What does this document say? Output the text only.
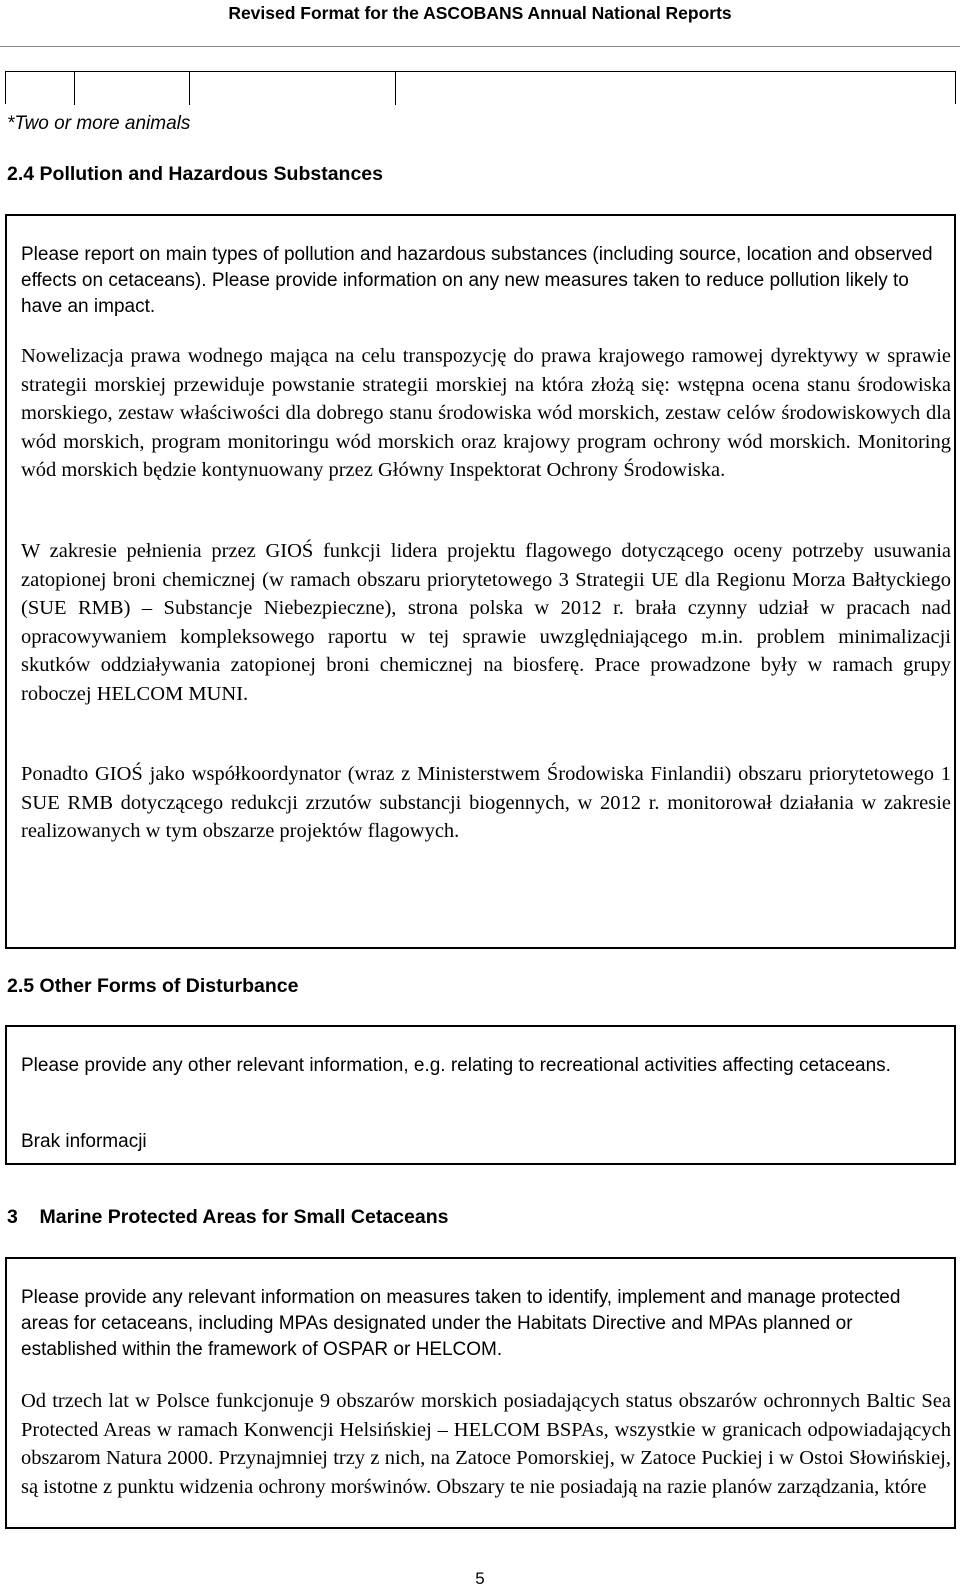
Revised Format for the ASCOBANS Annual National Reports
*Two or more animals
2.4 Pollution and Hazardous Substances
Please report on main types of pollution and hazardous substances (including source, location and observed effects on cetaceans). Please provide information on any new measures taken to reduce pollution likely to have an impact.
Nowelizacja prawa wodnego mająca na celu transpozycję do prawa krajowego ramowej dyrektywy w sprawie strategii morskiej przewiduje powstanie strategii morskiej na która złożą się: wstępna ocena stanu środowiska morskiego, zestaw właściwości dla dobrego stanu środowiska wód morskich, zestaw celów środowiskowych dla wód morskich, program monitoringu wód morskich oraz krajowy program ochrony wód morskich. Monitoring wód morskich będzie kontynuowany przez Główny Inspektorat Ochrony Środowiska.
W zakresie pełnienia przez GIOŚ funkcji lidera projektu flagowego dotyczącego oceny potrzeby usuwania zatopionej broni chemicznej (w ramach obszaru priorytetowego 3 Strategii UE dla Regionu Morza Bałtyckiego (SUE RMB) – Substancje Niebezpieczne), strona polska w 2012 r. brała czynny udział w pracach nad opracowywaniem kompleksowego raportu w tej sprawie uwzględniającego m.in. problem minimalizacji skutków oddziaływania zatopionej broni chemicznej na biosferę. Prace prowadzone były w ramach grupy roboczej HELCOM MUNI.
Ponadto GIOŚ jako współkoordynator (wraz z Ministerstwem Środowiska Finlandii) obszaru priorytetowego 1 SUE RMB dotyczącego redukcji zrzutów substancji biogennych, w 2012 r. monitorował działania w zakresie realizowanych w tym obszarze projektów flagowych.
2.5 Other Forms of Disturbance
Please provide any other relevant information, e.g. relating to recreational activities affecting cetaceans.
Brak informacji
3    Marine Protected Areas for Small Cetaceans
Please provide any relevant information on measures taken to identify, implement and manage protected areas for cetaceans, including MPAs designated under the Habitats Directive and MPAs planned or established within the framework of OSPAR or HELCOM.
Od trzech lat w Polsce funkcjonuje 9 obszarów morskich posiadających status obszarów ochronnych Baltic Sea Protected Areas w ramach Konwencji Helsińskiej – HELCOM BSPAs, wszystkie w granicach odpowiadających obszarom Natura 2000. Przynajmniej trzy z nich, na Zatoce Pomorskiej, w Zatoce Puckiej i w Ostoi Słowińskiej, są istotne z punktu widzenia ochrony morświnów. Obszary te nie posiadają na razie planów zarządzania, które
5
